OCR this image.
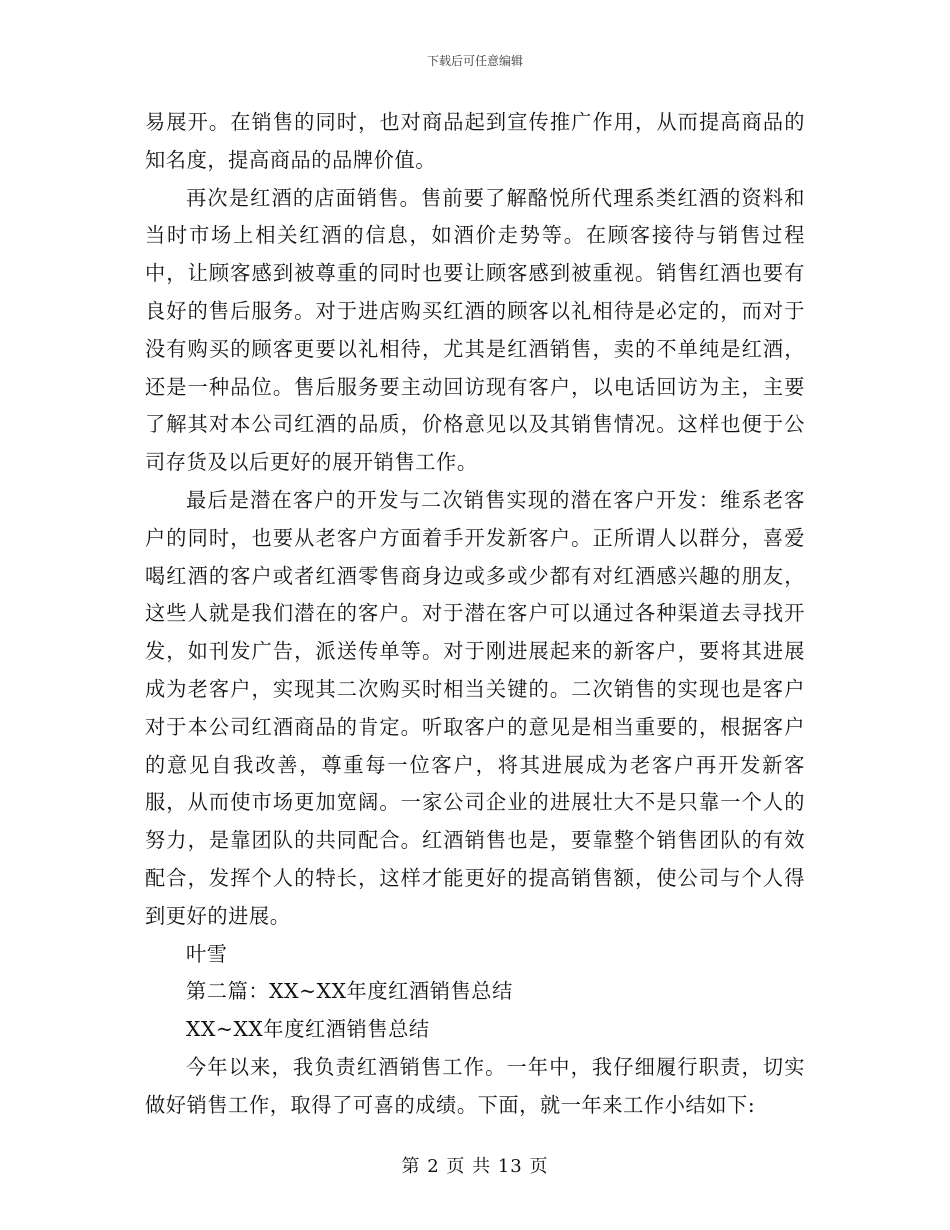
下载后可任意编辑

易展开。在销售的同时，也对商品起到宣传推广作用，从而提高商品的知名度，提高商品的品牌价值。

再次是红酒的店面销售。售前要了解酪悦所代理系类红酒的资料和当时市场上相关红酒的信息，如酒价走势等。在顾客接待与销售过程中，让顾客感到被尊重的同时也要让顾客感到被重视。销售红酒也要有良好的售后服务。对于进店购买红酒的顾客以礼相待是必定的，而对于没有购买的顾客更要以礼相待，尤其是红酒销售，卖的不单纯是红酒，还是一种品位。售后服务要主动回访现有客户，以电话回访为主，主要了解其对本公司红酒的品质，价格意见以及其销售情况。这样也便于公司存货及以后更好的展开销售工作。

最后是潜在客户的开发与二次销售实现的潜在客户开发：维系老客户的同时，也要从老客户方面着手开发新客户。正所谓人以群分，喜爱喝红酒的客户或者红酒零售商身边或多或少都有对红酒感兴趣的朋友，这些人就是我们潜在的客户。对于潜在客户可以通过各种渠道去寻找开发，如刊发广告，派送传单等。对于刚进展起来的新客户，要将其进展成为老客户，实现其二次购买时相当关键的。二次销售的实现也是客户对于本公司红酒商品的肯定。听取客户的意见是相当重要的，根据客户的意见自我改善，尊重每一位客户，将其进展成为老客户再开发新客服，从而使市场更加宽阔。一家公司企业的进展壮大不是只靠一个人的努力，是靠团队的共同配合。红酒销售也是，要靠整个销售团队的有效配合，发挥个人的特长，这样才能更好的提高销售额，使公司与个人得到更好的进展。

叶雪

第二篇：XX~XX年度红酒销售总结

XX~XX年度红酒销售总结

今年以来，我负责红酒销售工作。一年中，我仔细履行职责，切实做好销售工作，取得了可喜的成绩。下面，就一年来工作小结如下:

第 2 页 共 13 页
